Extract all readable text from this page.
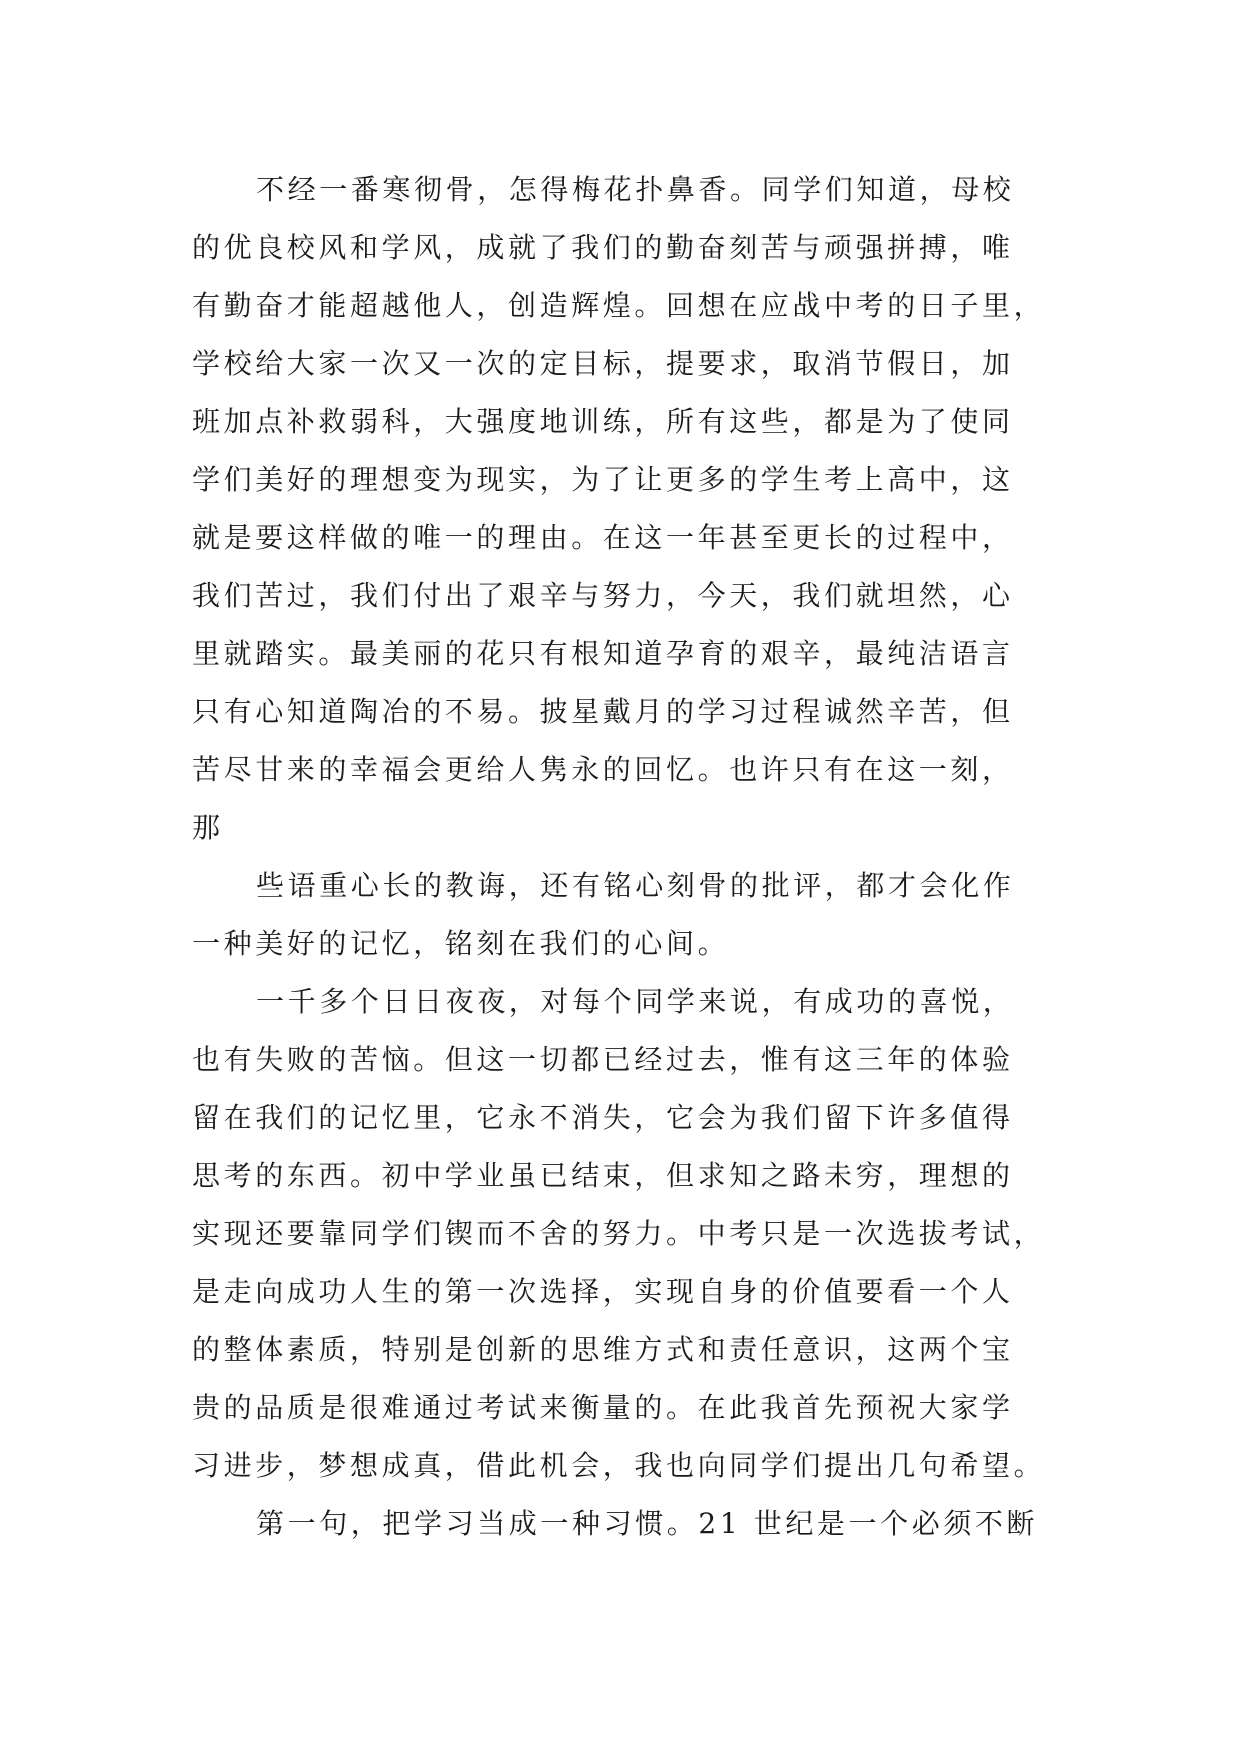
不经一番寒彻骨，怎得梅花扑鼻香。同学们知道，母校
的优良校风和学风，成就了我们的勤奋刻苦与顽强拼搏，唯
有勤奋才能超越他人，创造辉煌。回想在应战中考的日子里，
学校给大家一次又一次的定目标，提要求，取消节假日，加
班加点补救弱科，大强度地训练，所有这些，都是为了使同
学们美好的理想变为现实，为了让更多的学生考上高中，这
就是要这样做的唯一的理由。在这一年甚至更长的过程中，
我们苦过，我们付出了艰辛与努力，今天，我们就坦然，心
里就踏实。最美丽的花只有根知道孕育的艰辛，最纯洁语言
只有心知道陶冶的不易。披星戴月的学习过程诚然辛苦，但
苦尽甘来的幸福会更给人隽永的回忆。也许只有在这一刻，
那

些语重心长的教诲，还有铭心刻骨的批评，都才会化作
一种美好的记忆，铭刻在我们的心间。

一千多个日日夜夜，对每个同学来说，有成功的喜悦，
也有失败的苦恼。但这一切都已经过去，惟有这三年的体验
留在我们的记忆里，它永不消失，它会为我们留下许多值得
思考的东西。初中学业虽已结束，但求知之路未穷，理想的
实现还要靠同学们锲而不舍的努力。中考只是一次选拔考试，
是走向成功人生的第一次选择，实现自身的价值要看一个人
的整体素质，特别是创新的思维方式和责任意识，这两个宝
贵的品质是很难通过考试来衡量的。在此我首先预祝大家学
习进步，梦想成真，借此机会，我也向同学们提出几句希望。

第一句，把学习当成一种习惯。21 世纪是一个必须不断
